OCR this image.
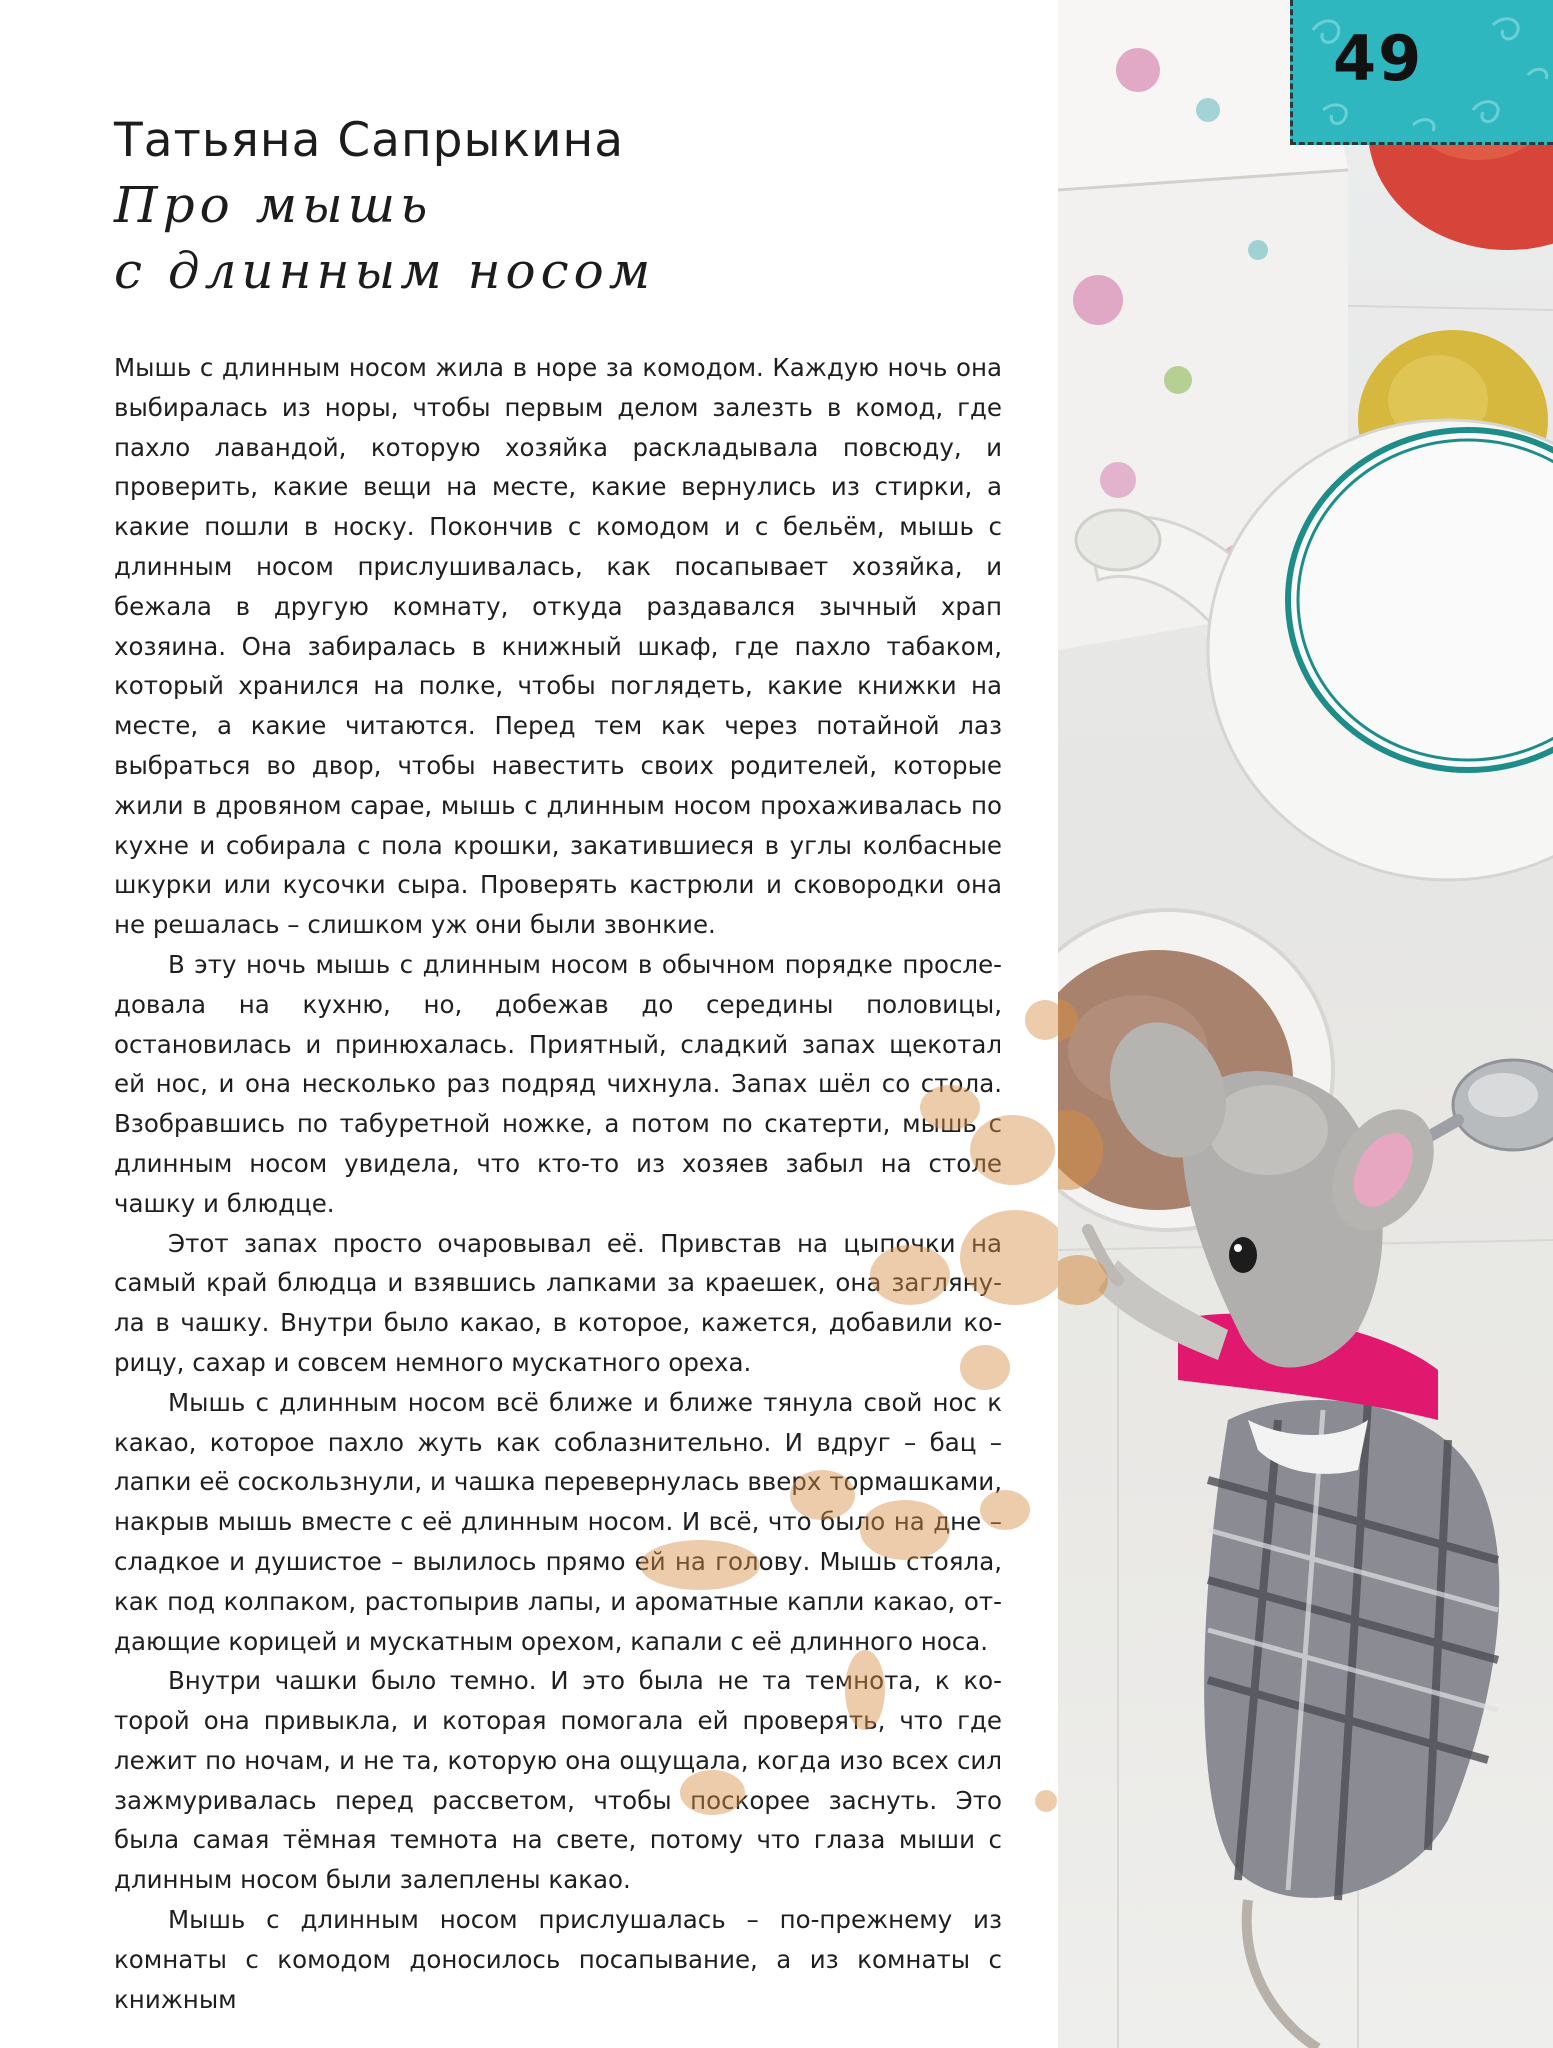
Татьяна Сапрыкина
Про мышь
с длинным носом

Мышь с длинным носом жила в норе за комодом. Каждую ночь она выбиралась из норы, чтобы первым делом залезть в комод, где пахло лавандой, которую хозяйка раскладывала повсюду, и проверить, какие вещи на месте, какие вернулись из стирки, а какие пошли в носку. Покончив с комодом и с бельём, мышь с длинным носом прислушивалась, как посапывает хозяйка, и бежала в другую комнату, откуда раздавался зычный храп хозяина. Она забиралась в книжный шкаф, где пахло табаком, который хранился на полке, чтобы поглядеть, какие книжки на месте, а какие читаются. Перед тем как через потайной лаз выбраться во двор, чтобы навестить своих родителей, которые жили в дровяном сарае, мышь с длинным носом прохаживалась по кухне и собирала с пола крошки, закатившиеся в углы колбасные шкурки или кусочки сыра. Проверять кастрюли и сковородки она не решалась – слишком уж они были звонкие.

В эту ночь мышь с длинным носом в обычном порядке проследовала на кухню, но, добежав до середины половицы, остановилась и принюхалась. Приятный, сладкий запах щекотал ей нос, и она несколько раз подряд чихнула. Запах шёл со стола. Взобравшись по табуретной ножке, а потом по скатерти, мышь с длинным носом увидела, что кто-то из хозяев забыл на столе чашку и блюдце.

Этот запах просто очаровывал её. Привстав на цыпочки на самый край блюдца и взявшись лапками за краешек, она заглянула в чашку. Внутри было какао, в которое, кажется, добавили корицу, сахар и совсем немного мускатного ореха.

Мышь с длинным носом всё ближе и ближе тянула свой нос к какао, которое пахло жуть как соблазнительно. И вдруг – бац – лапки её соскользнули, и чашка перевернулась вверх тормашками, накрыв мышь вместе с её длинным носом. И всё, что было на дне – сладкое и душистое – вылилось прямо ей на голову. Мышь стояла, как под колпаком, растопырив лапы, и ароматные капли какао, отдающие корицей и мускатным орехом, капали с её длинного носа.

Внутри чашки было темно. И это была не та темнота, к которой она привыкла, и которая помогала ей проверять, что где лежит по ночам, и не та, которую она ощущала, когда изо всех сил зажмуривалась перед рассветом, чтобы поскорее заснуть. Это была самая тёмная темнота на свете, потому что глаза мыши с длинным носом были залеплены какао.

Мышь с длинным носом прислушалась – по-прежнему из комнаты с комодом доносилось посапывание, а из комнаты с книжным

49
